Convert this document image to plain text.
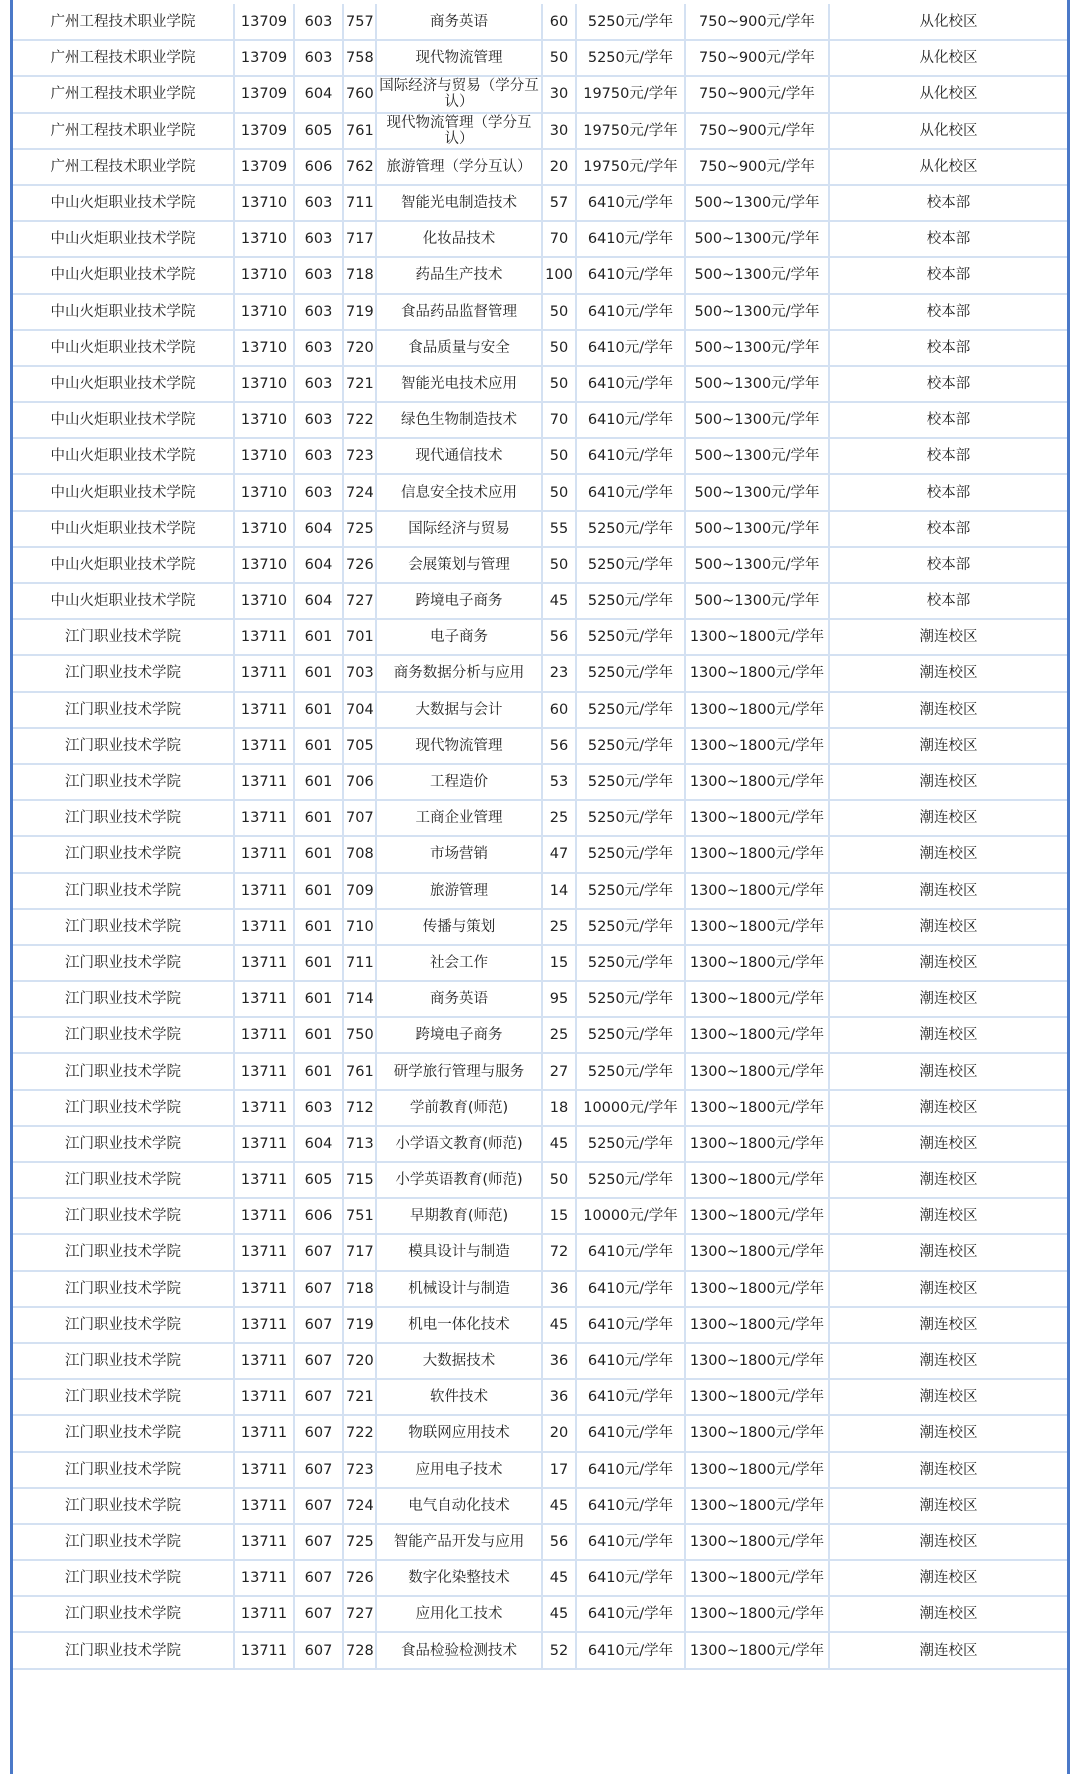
广州工程技术职业学院	13709	603	757	商务英语	60	5250元/学年	750~900元/学年	从化校区
广州工程技术职业学院	13709	603	758	现代物流管理	50	5250元/学年	750~900元/学年	从化校区
广州工程技术职业学院	13709	604	760	国际经济与贸易（学分互认）	30	19750元/学年	750~900元/学年	从化校区
广州工程技术职业学院	13709	605	761	现代物流管理（学分互认）	30	19750元/学年	750~900元/学年	从化校区
广州工程技术职业学院	13709	606	762	旅游管理（学分互认）	20	19750元/学年	750~900元/学年	从化校区
中山火炬职业技术学院	13710	603	711	智能光电制造技术	57	6410元/学年	500~1300元/学年	校本部
中山火炬职业技术学院	13710	603	717	化妆品技术	70	6410元/学年	500~1300元/学年	校本部
中山火炬职业技术学院	13710	603	718	药品生产技术	100	6410元/学年	500~1300元/学年	校本部
中山火炬职业技术学院	13710	603	719	食品药品监督管理	50	6410元/学年	500~1300元/学年	校本部
中山火炬职业技术学院	13710	603	720	食品质量与安全	50	6410元/学年	500~1300元/学年	校本部
中山火炬职业技术学院	13710	603	721	智能光电技术应用	50	6410元/学年	500~1300元/学年	校本部
中山火炬职业技术学院	13710	603	722	绿色生物制造技术	70	6410元/学年	500~1300元/学年	校本部
中山火炬职业技术学院	13710	603	723	现代通信技术	50	6410元/学年	500~1300元/学年	校本部
中山火炬职业技术学院	13710	603	724	信息安全技术应用	50	6410元/学年	500~1300元/学年	校本部
中山火炬职业技术学院	13710	604	725	国际经济与贸易	55	5250元/学年	500~1300元/学年	校本部
中山火炬职业技术学院	13710	604	726	会展策划与管理	50	5250元/学年	500~1300元/学年	校本部
中山火炬职业技术学院	13710	604	727	跨境电子商务	45	5250元/学年	500~1300元/学年	校本部
江门职业技术学院	13711	601	701	电子商务	56	5250元/学年	1300~1800元/学年	潮连校区
江门职业技术学院	13711	601	703	商务数据分析与应用	23	5250元/学年	1300~1800元/学年	潮连校区
江门职业技术学院	13711	601	704	大数据与会计	60	5250元/学年	1300~1800元/学年	潮连校区
江门职业技术学院	13711	601	705	现代物流管理	56	5250元/学年	1300~1800元/学年	潮连校区
江门职业技术学院	13711	601	706	工程造价	53	5250元/学年	1300~1800元/学年	潮连校区
江门职业技术学院	13711	601	707	工商企业管理	25	5250元/学年	1300~1800元/学年	潮连校区
江门职业技术学院	13711	601	708	市场营销	47	5250元/学年	1300~1800元/学年	潮连校区
江门职业技术学院	13711	601	709	旅游管理	14	5250元/学年	1300~1800元/学年	潮连校区
江门职业技术学院	13711	601	710	传播与策划	25	5250元/学年	1300~1800元/学年	潮连校区
江门职业技术学院	13711	601	711	社会工作	15	5250元/学年	1300~1800元/学年	潮连校区
江门职业技术学院	13711	601	714	商务英语	95	5250元/学年	1300~1800元/学年	潮连校区
江门职业技术学院	13711	601	750	跨境电子商务	25	5250元/学年	1300~1800元/学年	潮连校区
江门职业技术学院	13711	601	761	研学旅行管理与服务	27	5250元/学年	1300~1800元/学年	潮连校区
江门职业技术学院	13711	603	712	学前教育(师范)	18	10000元/学年	1300~1800元/学年	潮连校区
江门职业技术学院	13711	604	713	小学语文教育(师范)	45	5250元/学年	1300~1800元/学年	潮连校区
江门职业技术学院	13711	605	715	小学英语教育(师范)	50	5250元/学年	1300~1800元/学年	潮连校区
江门职业技术学院	13711	606	751	早期教育(师范)	15	10000元/学年	1300~1800元/学年	潮连校区
江门职业技术学院	13711	607	717	模具设计与制造	72	6410元/学年	1300~1800元/学年	潮连校区
江门职业技术学院	13711	607	718	机械设计与制造	36	6410元/学年	1300~1800元/学年	潮连校区
江门职业技术学院	13711	607	719	机电一体化技术	45	6410元/学年	1300~1800元/学年	潮连校区
江门职业技术学院	13711	607	720	大数据技术	36	6410元/学年	1300~1800元/学年	潮连校区
江门职业技术学院	13711	607	721	软件技术	36	6410元/学年	1300~1800元/学年	潮连校区
江门职业技术学院	13711	607	722	物联网应用技术	20	6410元/学年	1300~1800元/学年	潮连校区
江门职业技术学院	13711	607	723	应用电子技术	17	6410元/学年	1300~1800元/学年	潮连校区
江门职业技术学院	13711	607	724	电气自动化技术	45	6410元/学年	1300~1800元/学年	潮连校区
江门职业技术学院	13711	607	725	智能产品开发与应用	56	6410元/学年	1300~1800元/学年	潮连校区
江门职业技术学院	13711	607	726	数字化染整技术	45	6410元/学年	1300~1800元/学年	潮连校区
江门职业技术学院	13711	607	727	应用化工技术	45	6410元/学年	1300~1800元/学年	潮连校区
江门职业技术学院	13711	607	728	食品检验检测技术	52	6410元/学年	1300~1800元/学年	潮连校区
